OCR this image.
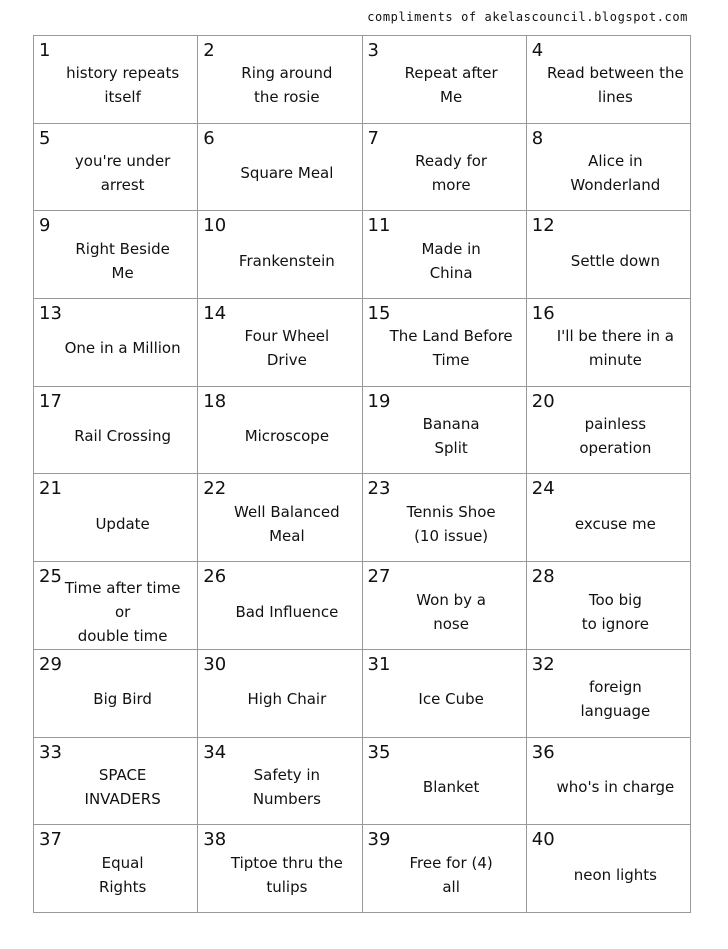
compliments of akelascouncil.blogspot.com
1
history repeats
itself
2
Ring around
the rosie
3
Repeat after
Me
4
Read between the
lines
5
you're under
arrest
6
Square Meal
7
Ready for
more
8
Alice in
Wonderland
9
Right Beside
Me
10
Frankenstein
11
Made in
China
12
Settle down
13
One in a Million
14
Four Wheel
Drive
15
The Land Before
Time
16
I'll be there in a
minute
17
Rail Crossing
18
Microscope
19
Banana
Split
20
painless
operation
21
Update
22
Well Balanced
Meal
23
Tennis Shoe
(10 issue)
24
excuse me
25
Time after time
or
double time
26
Bad Influence
27
Won by a
nose
28
Too big
to ignore
29
Big Bird
30
High Chair
31
Ice Cube
32
foreign
language
33
SPACE
INVADERS
34
Safety in
Numbers
35
Blanket
36
who's in charge
37
Equal
Rights
38
Tiptoe thru the
tulips
39
Free for (4)
all
40
neon lights
